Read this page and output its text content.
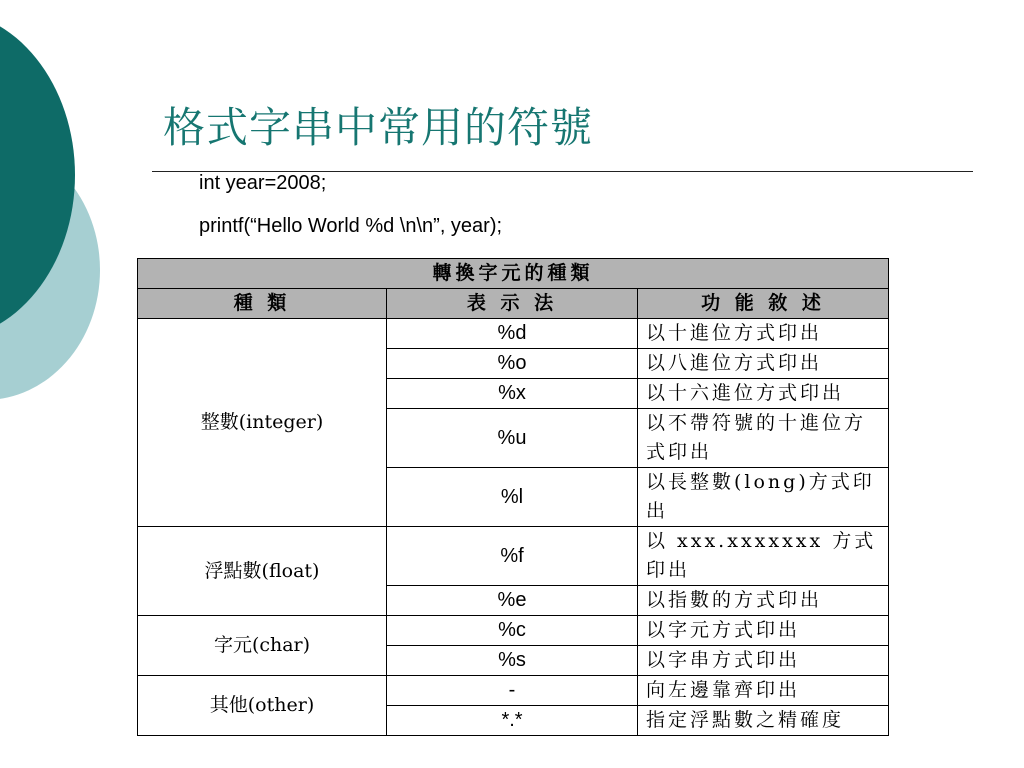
格式字串中常用的符號
int year=2008;
printf(“Hello World %d \n\n”, year);
轉換字元的種類		
種 類	表 示 法	功 能 敘 述
整數(integer)	%d	以十進位方式印出
	%o	以八進位方式印出
	%x	以十六進位方式印出
	%u	以不帶符號的十進位方式印出
	%l	以長整數(long)方式印出
浮點數(float)	%f	以 xxx.xxxxxxx 方式印出
	%e	以指數的方式印出
字元(char)	%c	以字元方式印出
	%s	以字串方式印出
其他(other)	-	向左邊靠齊印出
	*.*	指定浮點數之精確度
